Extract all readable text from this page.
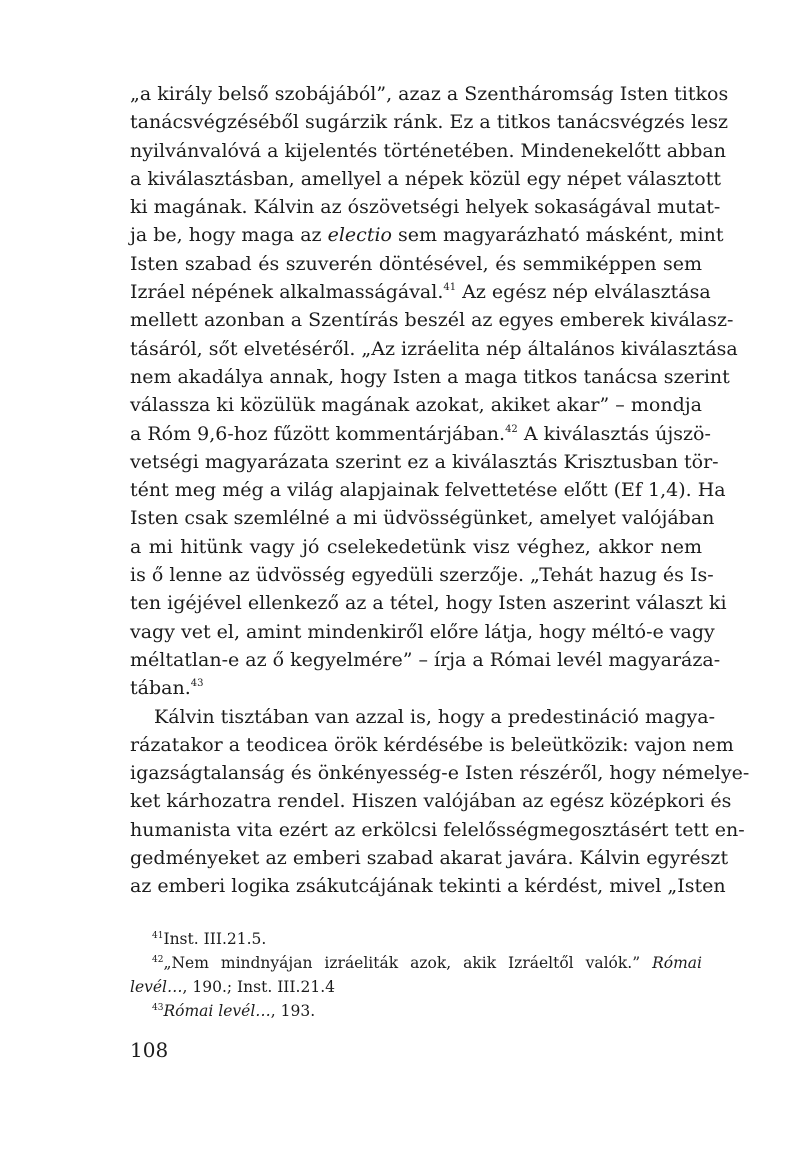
„a király belső szobájából”, azaz a Szentháromság Isten titkos
tanácsvégzéséből sugárzik ránk. Ez a titkos tanácsvégzés lesz
nyilvánvalóvá a kijelentés történetében. Mindenekelőtt abban
a kiválasztásban, amellyel a népek közül egy népet választott
ki magának. Kálvin az ószövetségi helyek sokaságával mutat-
ja be, hogy maga az electio sem magyarázható másként, mint
Isten szabad és szuverén döntésével, és semmiképpen sem
Izráel népének alkalmasságával.$^{41}$ Az egész nép elválasztása
mellett azonban a Szentírás beszél az egyes emberek kiválasz-
tásáról, sőt elvetéséről. „Az izráelita nép általános kiválasztása
nem akadálya annak, hogy Isten a maga titkos tanácsa szerint
válassza ki közülük magának azokat, akiket akar” – mondja
a Róm 9,6-hoz fűzött kommentárjában.$^{42}$ A kiválasztás újszö-
vetségi magyarázata szerint ez a kiválasztás Krisztusban tör-
tént meg még a világ alapjainak felvettetése előtt (Ef 1,4). Ha
Isten csak szemlélné a mi üdvösségünket, amelyet valójában
a mi hitünk vagy jó cselekedetünk visz véghez, akkor nem
is ő lenne az üdvösség egyedüli szerzője. „Tehát hazug és Is-
ten igéjével ellenkező az a tétel, hogy Isten aszerint választ ki
vagy vet el, amint mindenkiről előre látja, hogy méltó-e vagy
méltatlan-e az ő kegyelmére” – írja a Római levél magyaráza-
tában.$^{43}$
Kálvin tisztában van azzal is, hogy a predestináció magya-
rázatakor a teodicea örök kérdésébe is beleütközik: vajon nem
igazságtalanság és önkényesség-e Isten részéről, hogy némelye-
ket kárhozatra rendel. Hiszen valójában az egész középkori és
humanista vita ezért az erkölcsi felelősségmegosztásért tett en-
gedményeket az emberi szabad akarat javára. Kálvin egyrészt
az emberi logika zsákutcájának tekinti a kérdést, mivel „Isten
$^{41}$Inst. III.21.5.
$^{42}$„Nem mindnyájan izráeliták azok, akik Izráeltől valók.” Római
levél…, 190.; Inst. III.21.4
$^{43}$Római levél…, 193.
108
